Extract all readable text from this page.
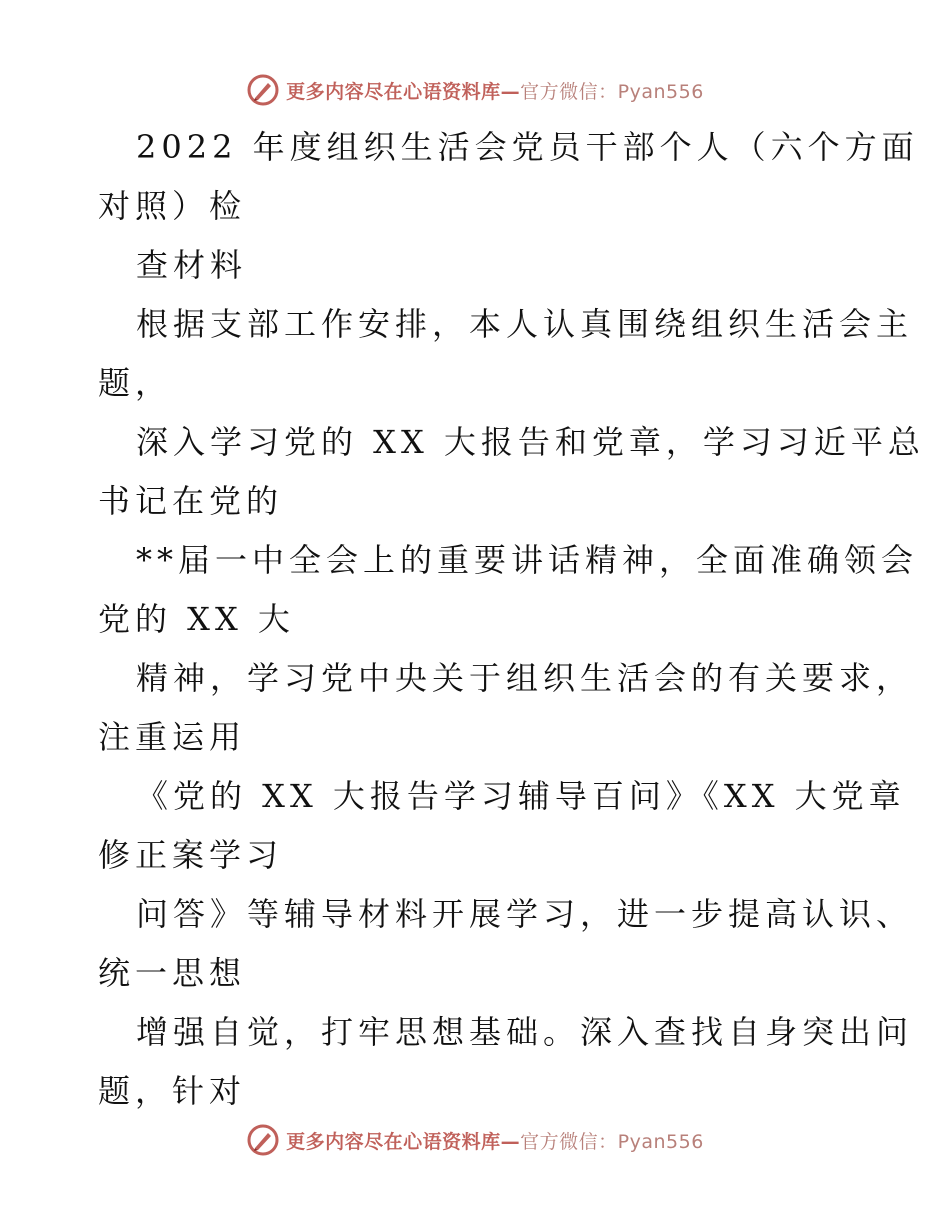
更多内容尽在心语资料库—官方微信：Pyan556
2022 年度组织生活会党员干部个人（六个方面
对照）检
查材料
根据支部工作安排，本人认真围绕组织生活会主
题，
深入学习党的 XX 大报告和党章，学习习近平总
书记在党的
**届一中全会上的重要讲话精神，全面准确领会
党的 XX 大
精神，学习党中央关于组织生活会的有关要求，
注重运用
《党的 XX 大报告学习辅导百问》《XX 大党章
修正案学习
问答》等辅导材料开展学习，进一步提高认识、
统一思想
增强自觉，打牢思想基础。深入查找自身突出问
题，针对
更多内容尽在心语资料库—官方微信：Pyan556
